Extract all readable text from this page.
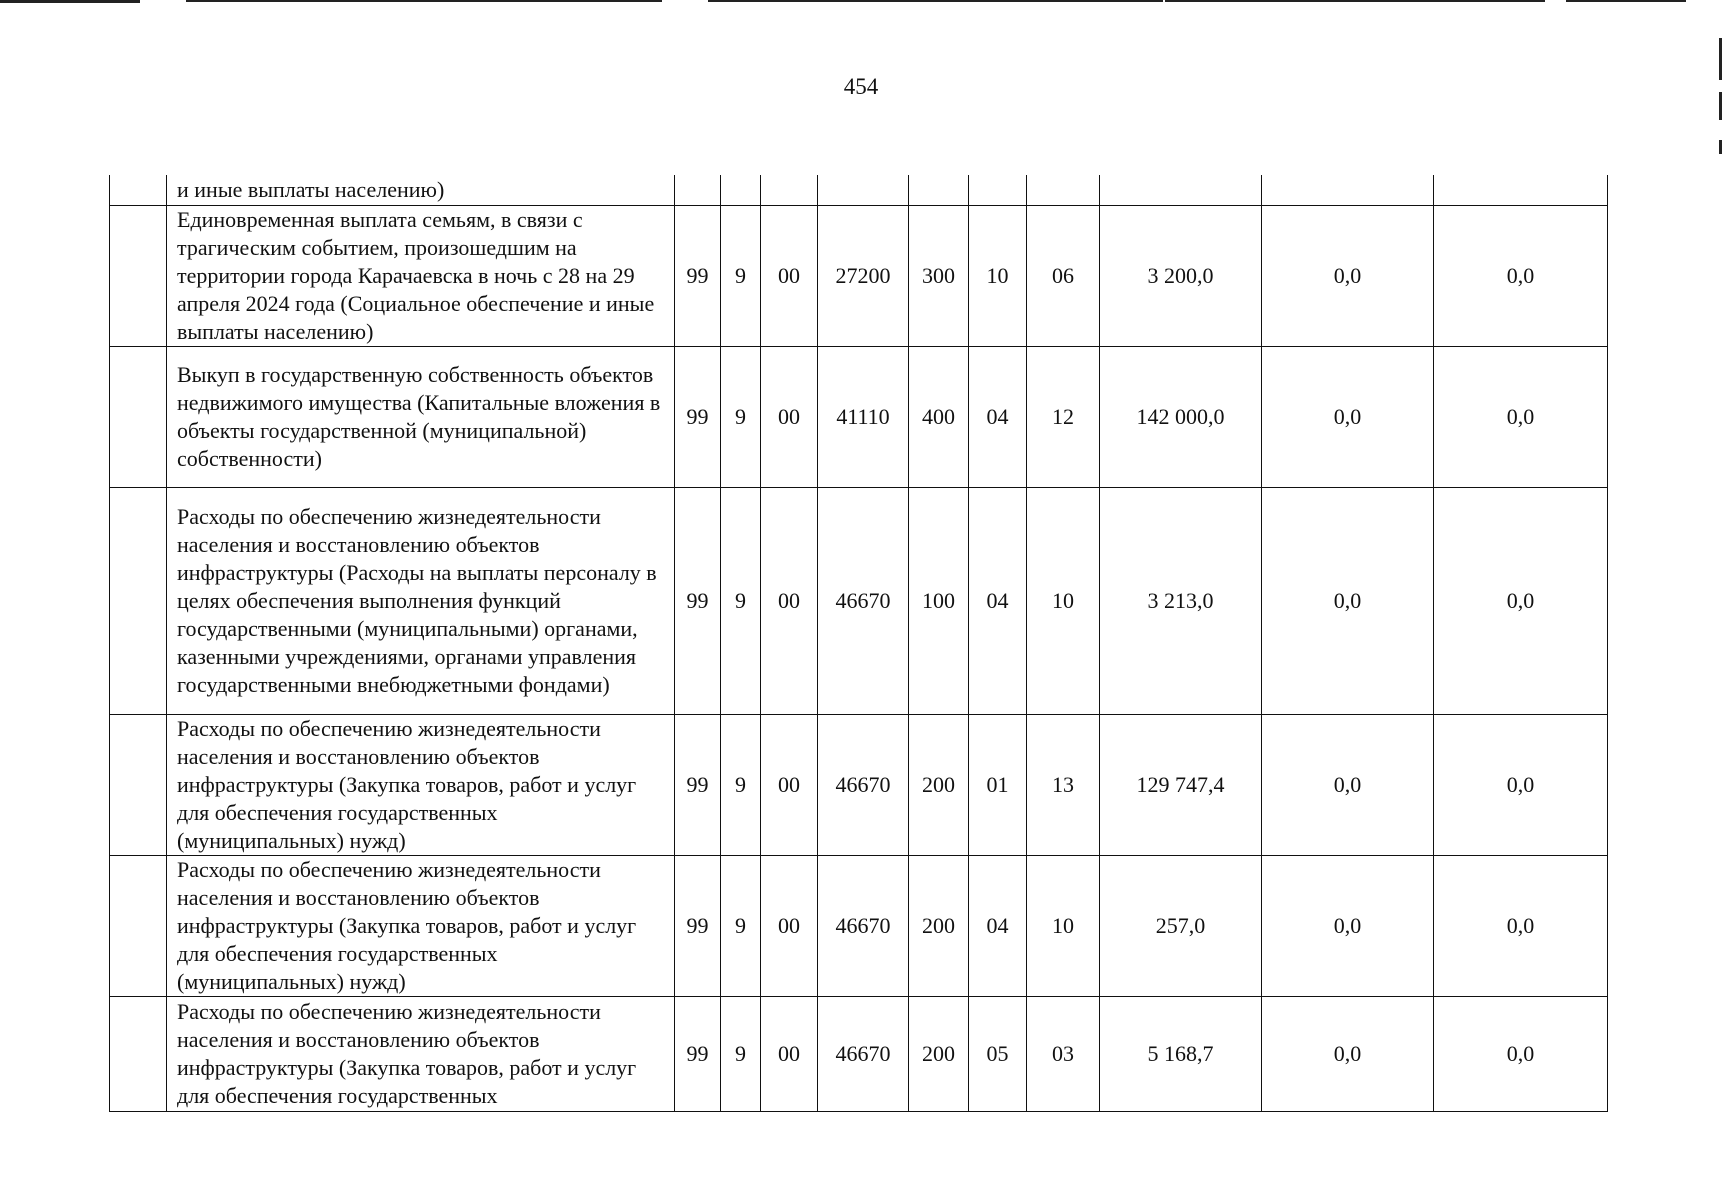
454
	и иные выплаты населению)										
	Единовременная выплата семьям, в связи с трагическим событием, произошедшим на территории города Карачаевска в ночь с 28 на 29 апреля 2024 года (Социальное обеспечение и иные выплаты населению)	99	9	00	27200	300	10	06	3 200,0	0,0	0,0
	Выкуп в государственную собственность объектов недвижимого имущества (Капитальные вложения в объекты государственной (муниципальной) собственности)	99	9	00	41110	400	04	12	142 000,0	0,0	0,0
	Расходы по обеспечению жизнедеятельности населения и восстановлению объектов инфраструктуры (Расходы на выплаты персоналу в целях обеспечения выполнения функций государственными (муниципальными) органами, казенными учреждениями, органами управления государственными внебюджетными фондами)	99	9	00	46670	100	04	10	3 213,0	0,0	0,0
	Расходы по обеспечению жизнедеятельности населения и восстановлению объектов инфраструктуры (Закупка товаров, работ и услуг для обеспечения государственных (муниципальных) нужд)	99	9	00	46670	200	01	13	129 747,4	0,0	0,0
	Расходы по обеспечению жизнедеятельности населения и восстановлению объектов инфраструктуры (Закупка товаров, работ и услуг для обеспечения государственных (муниципальных) нужд)	99	9	00	46670	200	04	10	257,0	0,0	0,0
	Расходы по обеспечению жизнедеятельности населения и восстановлению объектов инфраструктуры (Закупка товаров, работ и услуг для обеспечения государственных	99	9	00	46670	200	05	03	5 168,7	0,0	0,0
